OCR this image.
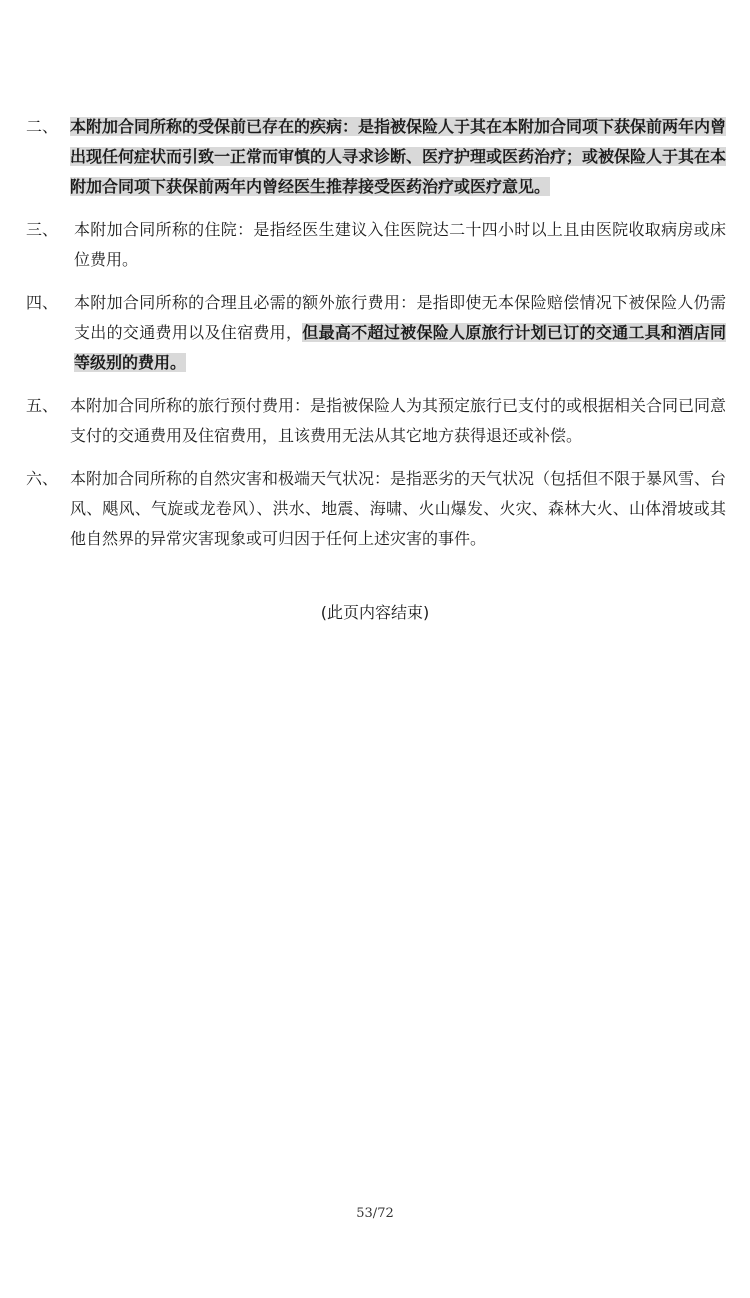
二、 本附加合同所称的受保前已存在的疾病：是指被保险人于其在本附加合同项下获保前两年内曾出现任何症状而引致一正常而审慎的人寻求诊断、医疗护理或医药治疗；或被保险人于其在本附加合同项下获保前两年内曾经医生推荐接受医药治疗或医疗意见。
三、 本附加合同所称的住院：是指经医生建议入住医院达二十四小时以上且由医院收取病房或床位费用。
四、 本附加合同所称的合理且必需的额外旅行费用：是指即使无本保险赔偿情况下被保险人仍需支出的交通费用以及住宿费用，但最高不超过被保险人原旅行计划已订的交通工具和酒店同等级别的费用。
五、 本附加合同所称的旅行预付费用：是指被保险人为其预定旅行已支付的或根据相关合同已同意支付的交通费用及住宿费用，且该费用无法从其它地方获得退还或补偿。
六、 本附加合同所称的自然灾害和极端天气状况：是指恶劣的天气状况（包括但不限于暴风雪、台风、飓风、气旋或龙卷风）、洪水、地震、海啸、火山爆发、火灾、森林大火、山体滑坡或其他自然界的异常灾害现象或可归因于任何上述灾害的事件。
(此页内容结束)
53/72
